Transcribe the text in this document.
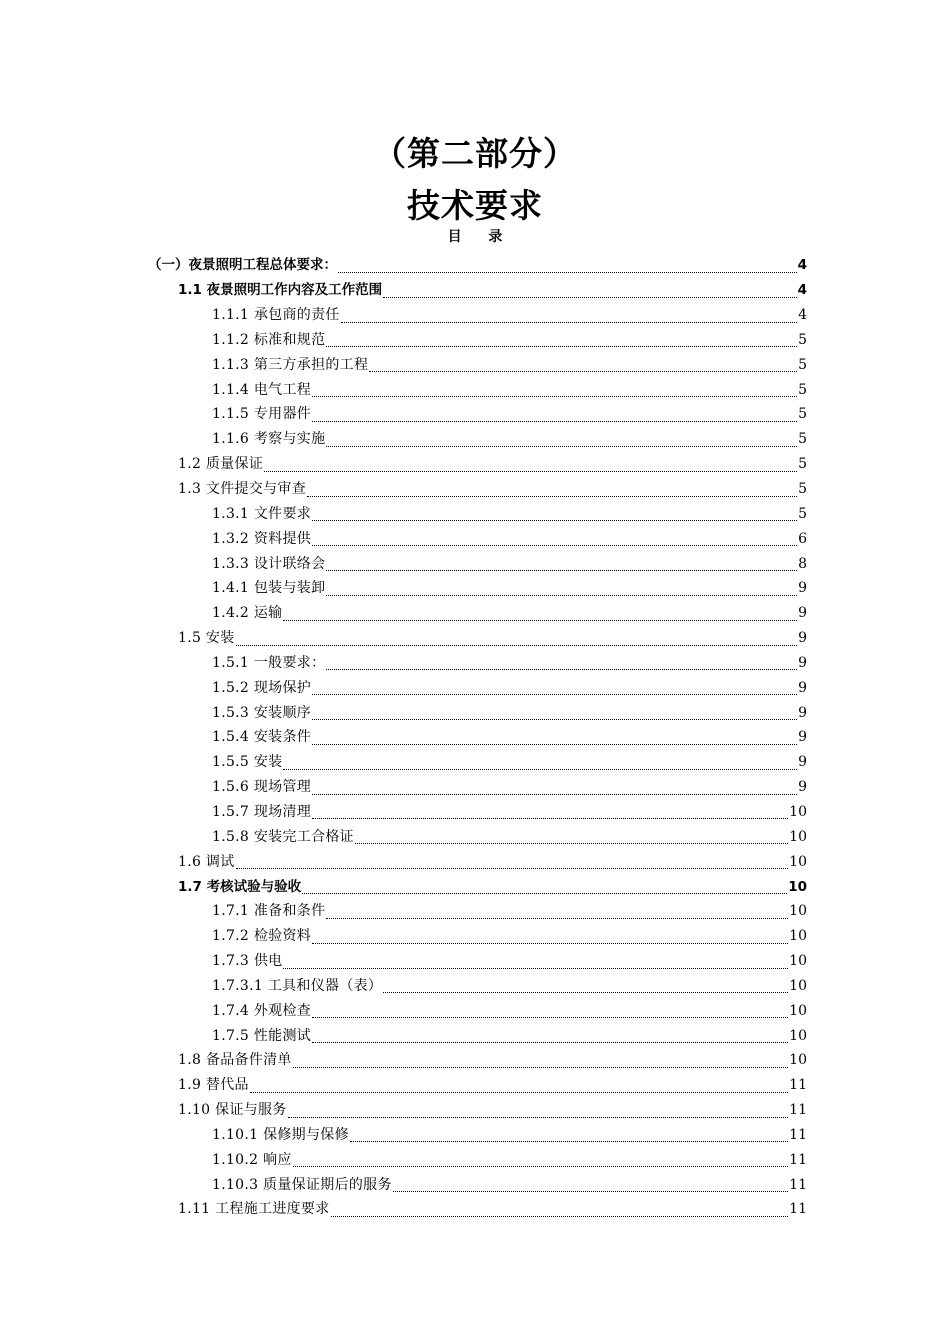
（第二部分）
技术要求
目 录
（一）夜景照明工程总体要求：	4
1.1 夜景照明工作内容及工作范围	4
1.1.1 承包商的责任	4
1.1.2 标准和规范	5
1.1.3 第三方承担的工程	5
1.1.4 电气工程	5
1.1.5 专用器件	5
1.1.6 考察与实施	5
1.2 质量保证	5
1.3 文件提交与审查	5
1.3.1 文件要求	5
1.3.2 资料提供	6
1.3.3 设计联络会	8
1.4.1 包装与装卸	9
1.4.2 运输	9
1.5 安装	9
1.5.1 一般要求：	9
1.5.2 现场保护	9
1.5.3 安装顺序	9
1.5.4 安装条件	9
1.5.5 安装	9
1.5.6 现场管理	9
1.5.7 现场清理	10
1.5.8 安装完工合格证	10
1.6 调试	10
1.7 考核试验与验收	10
1.7.1 准备和条件	10
1.7.2 检验资料	10
1.7.3 供电	10
1.7.3.1 工具和仪器（表）	10
1.7.4 外观检查	10
1.7.5 性能测试	10
1.8 备品备件清单	10
1.9 替代品	11
1.10 保证与服务	11
1.10.1 保修期与保修	11
1.10.2 响应	11
1.10.3 质量保证期后的服务	11
1.11 工程施工进度要求	11
